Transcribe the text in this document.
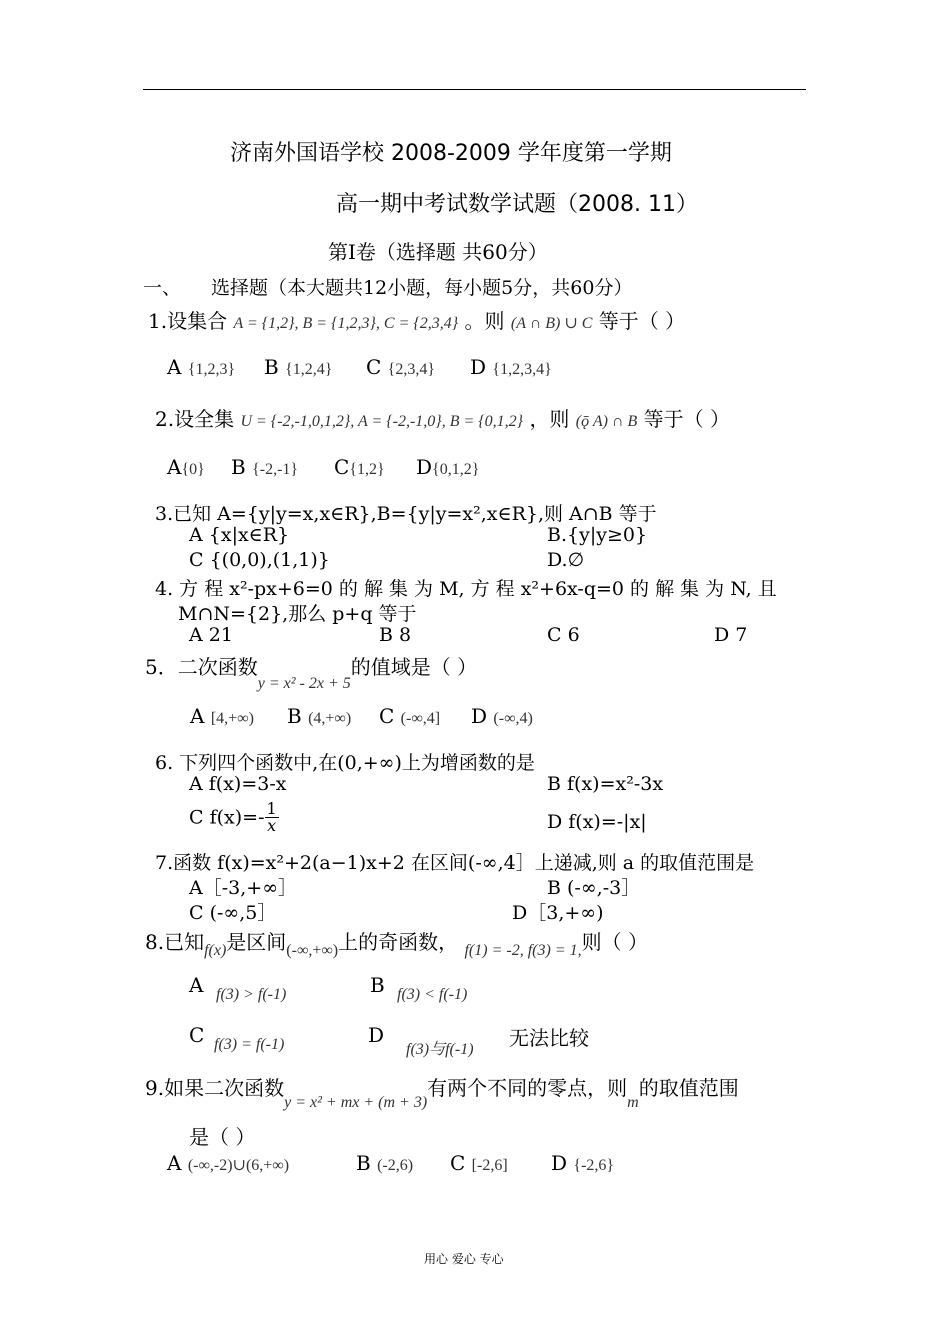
济南外国语学校 2008-2009 学年度第一学期
高一期中考试数学试题（2008. 11）
第Ⅰ卷（选择题 共60分）
一、 选择题（本大题共12小题，每小题5分，共60分）
1.设集合 A = {1,2}, B = {1,2,3}, C = {2,3,4} 。则 (A ∩ B) ∪ C 等于（ ）
A {1,2,3} B {1,2,4} C {2,3,4} D {1,2,3,4}
2.设全集 U = {-2,-1,0,1,2}, A = {-2,-1,0}, B = {0,1,2} ，则 (ǭ A) ∩ B 等于（ ）
A{0} B {-2,-1} C{1,2} D{0,1,2}
3.已知 A={y|y=x,x∈R},B={y|y=x²,x∈R},则 A∩B 等于
A {x|x∈R}	B.{y|y≥0}
C {(0,0),(1,1)}	D.∅
4. 方 程 x²-px+6=0 的 解 集 为 M, 方 程 x²+6x-q=0 的 解 集 为 N, 且
M∩N={2},那么 p+q 等于
A 21	B 8	C 6	D 7
5．二次函数$_{y = x^2 - 2x + 5}$的值域是（ ）
A [4,+∞) B (4,+∞) C (-∞,4] D (-∞,4)
6. 下列四个函数中,在(0,+∞)上为增函数的是
A f(x)=3-x	B f(x)=x²-3x
C $f(x)=- \frac{1}{x}$	D f(x)=-|x|
7.函数 f(x)=x²+2(a−1)x+2 在区间(-∞,4］上递减,则 a 的取值范围是
A［-3,+∞］	B (-∞,-3］
C (-∞,5］	D［3,+∞)
8.已知$_{f(x)}$是区间$_{(-\infty,+\infty)}$上的奇函数， $_{f(1) = -2, f(3) = 1,}$则（ ）
A f(3) > f(-1)	B f(3) < f(-1)
C f(3) = f(-1)	D
f(3)与f(-1) 无法比较
9.如果二次函数$_{y = x^2 + mx + (m + 3)}$有两个不同的零点，则$_m$的取值范围
是（ ）
A (-∞,-2)∪(6,+∞)	B (-2,6) C [-2,6] D {-2,6}
用心 爱心 专心
